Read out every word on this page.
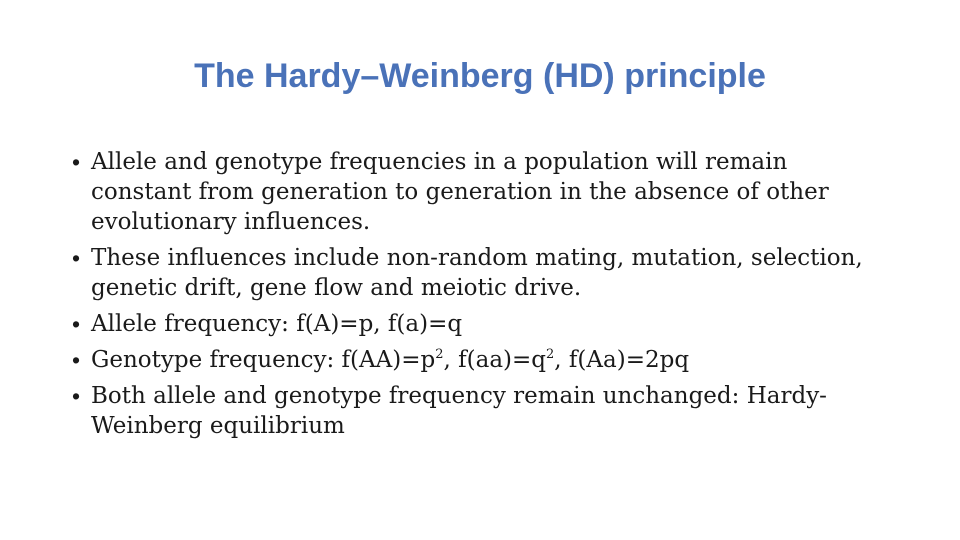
The Hardy–Weinberg (HD) principle
• Allele and genotype frequencies in a population will remain constant from generation to generation in the absence of other evolutionary influences.
• These influences include non-random mating, mutation, selection, genetic drift, gene flow and meiotic drive.
• Allele frequency: f(A)=p, f(a)=q
• Genotype frequency: $f(AA)=p^2$, $f(aa)=q^2$, f(Aa)=2pq
• Both allele and genotype frequency remain unchanged: Hardy-Weinberg equilibrium
